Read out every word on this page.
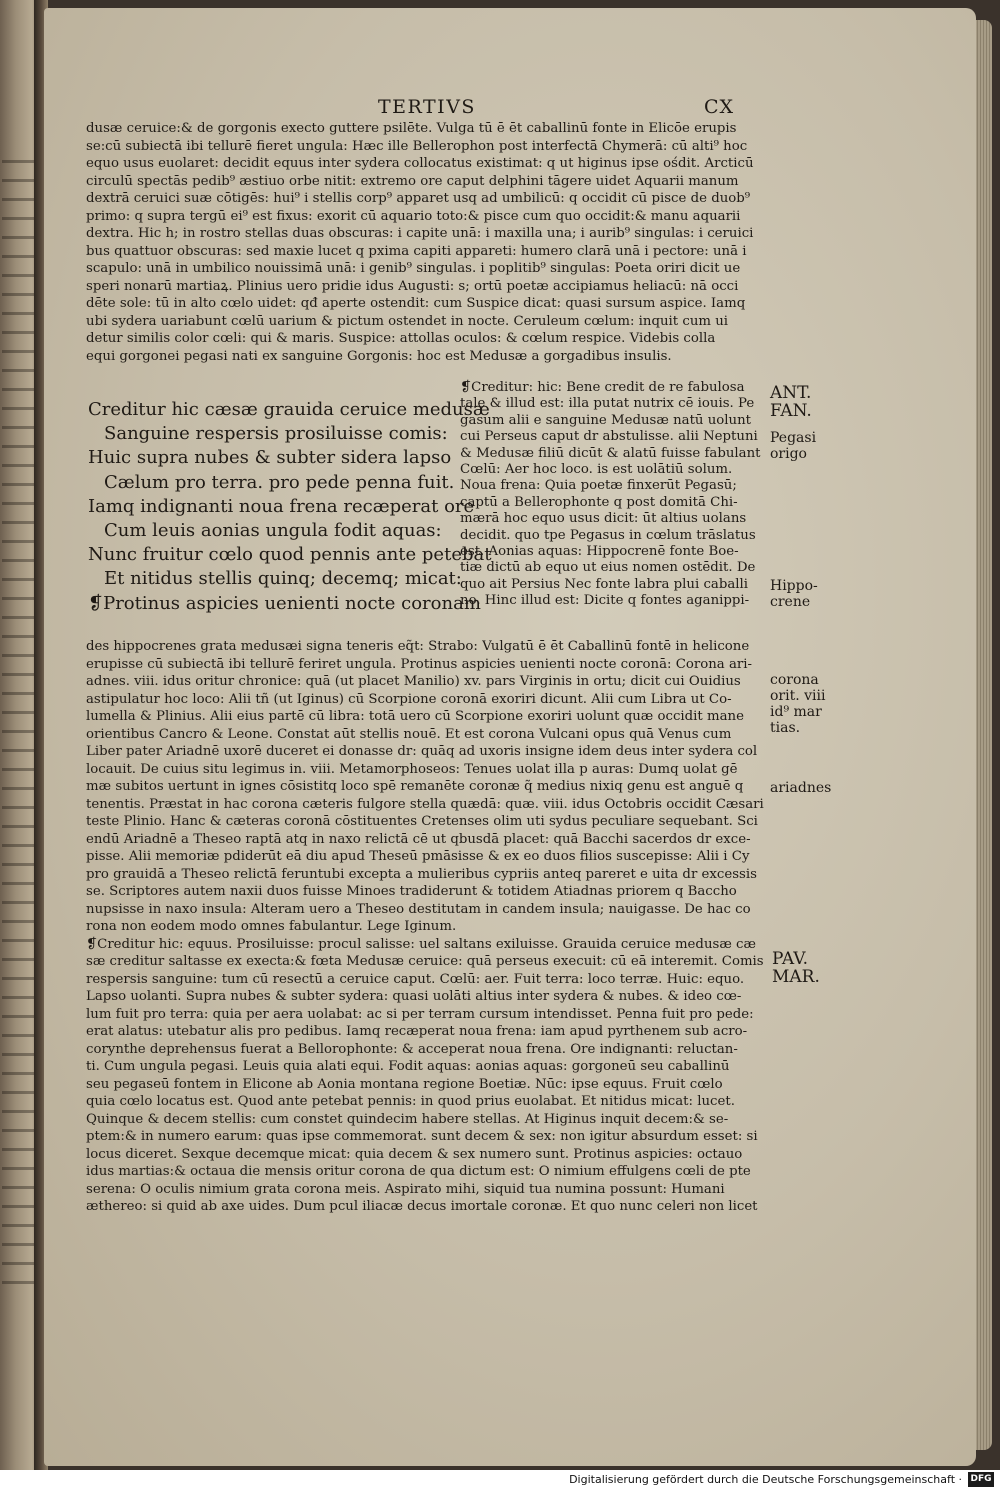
TERTIVS	CX
dusæ ceruice:& de gorgonis execto guttere psilēte. Vulga tū ē ēt caballinū fonte in Elicōe erupis
se:cū subiectā ibi tellurē fieret ungula: Hæc ille Bellerophon post interfectā Chymerā: cū alti⁹ hoc
equo usus euolaret: decidit equus inter sydera collocatus existimat: q ut higinus ipse ośdit. Arcticū
circulū spectās pedib⁹ æstiuo orbe nitit: extremo ore caput delphini tāgere uidet Aquarii manum
dextrā ceruici suæ cōtigēs: hui⁹ i stellis corp⁹ apparet usq ad umbilicū: q occidit cū pisce de duob⁹
primo: q supra tergū ei⁹ est fixus: exorit cū aquario toto:& pisce cum quo occidit:& manu aquarii
dextra. Hic h; in rostro stellas duas obscuras: i capite unā: i maxilla una; i aurib⁹ singulas: i ceruici
bus quattuor obscuras: sed maxie lucet q pxima capiti appareti: humero clarā unā i pectore: unā i
scapulo: unā in umbilico nouissimā unā: i genib⁹ singulas. i poplitib⁹ singulas: Poeta oriri dicit ue
speri nonarū martiaꝝ. Plinius uero pridie idus Augusti: s; ortū poetæ accipiamus heliacū: nā occi
dēte sole: tū in alto cœlo uidet: qđ aperte ostendit: cum Suspice dicat: quasi sursum aspice. Iamq
ubi sydera uariabunt cœlū uarium & pictum ostendet in nocte. Ceruleum cœlum: inquit cum ui
detur similis color cœli: qui & maris. Suspice: attollas oculos: & cœlum respice. Videbis colla
equi gorgonei pegasi nati ex sanguine Gorgonis: hoc est Medusæ a gorgadibus insulis.
Creditur hic cæsæ grauida ceruice medusæ
Sanguine respersis prosiluisse comis:
Huic supra nubes & subter sidera lapso
Cælum pro terra. pro pede penna fuit.
Iamq indignanti noua frena recæperat ore
Cum leuis aonias ungula fodit aquas:
Nunc fruitur cœlo quod pennis ante petebat
Et nitidus stellis quinq; decemq; micat:
❡Protinus aspicies uenienti nocte coronam
❡Creditur: hic: Bene credit de re fabulosa
tale & illud est: illa putat nutrix cē iouis. Pe
gasum alii e sanguine Medusæ natū uolunt
cui Perseus caput dr abstulisse. alii Neptuni
& Medusæ filiū dicūt & alatū fuisse fabulant
Cœlū: Aer hoc loco. is est uolātiū solum.
Noua frena: Quia poetæ finxerūt Pegasū;
captū a Bellerophonte q post domitā Chi-
mærā hoc equo usus dicit: ūt altius uolans
decidit. quo tpe Pegasus in cœlum trāslatus
est. Aonias aquas: Hippocrenē fonte Boe-
tiæ dictū ab equo ut eius nomen ostēdit. De
quo ait Persius Nec fonte labra plui caballi
no. Hinc illud est: Dicite q fontes aganippi-
des hippocrenes grata medusæi signa teneris eq̃t: Strabo: Vulgatū ē ēt Caballinū fontē in helicone
erupisse cū subiectā ibi tellurē feriret ungula. Protinus aspicies uenienti nocte coronā: Corona ari-
adnes. viii. idus oritur chronice: quā (ut placet Manilio) xv. pars Virginis in ortu; dicit cui Ouidius
astipulatur hoc loco: Alii tñ (ut Iginus) cū Scorpione coronā exoriri dicunt. Alii cum Libra ut Co-
lumella & Plinius. Alii eius partē cū libra: totā uero cū Scorpione exoriri uolunt quæ occidit mane
orientibus Cancro & Leone. Constat aūt stellis nouē. Et est corona Vulcani opus quā Venus cum
Liber pater Ariadnē uxorē duceret ei donasse dr: quāq ad uxoris insigne idem deus inter sydera col
locauit. De cuius situ legimus in. viii. Metamorphoseos: Tenues uolat illa p auras: Dumq uolat gē
mæ subitos uertunt in ignes cōsistitq loco spē remanēte coronæ q̃ medius nixiq genu est anguē q
tenentis. Præstat in hac corona cæteris fulgore stella quædā: quæ. viii. idus Octobris occidit Cæsari
teste Plinio. Hanc & cæteras coronā cōstituentes Cretenses olim uti sydus peculiare sequebant. Sci
endū Ariadnē a Theseo raptā atq in naxo relictā cē ut qbusdā placet: quā Bacchi sacerdos dr exce-
pisse. Alii memoriæ pdiderūt eā diu apud Theseū pmāsisse & ex eo duos filios suscepisse: Alii i Cy
pro grauidā a Theseo relictā feruntubi excepta a mulieribus cypriis anteq pareret e uita dr excessis
se. Scriptores autem naxii duos fuisse Minoes tradiderunt & totidem Atiadnas priorem q Baccho
nupsisse in naxo insula: Alteram uero a Theseo destitutam in candem insula; nauigasse. De hac co
rona non eodem modo omnes fabulantur. Lege Iginum.
❡Creditur hic: equus. Prosiluisse: procul salisse: uel saltans exiluisse. Grauida ceruice medusæ cæ
sæ creditur saltasse ex execta:& fœta Medusæ ceruice: quā perseus execuit: cū eā interemit. Comis
respersis sanguine: tum cū resectū a ceruice caput. Cœlū: aer. Fuit terra: loco terræ. Huic: equo.
Lapso uolanti. Supra nubes & subter sydera: quasi uolāti altius inter sydera & nubes. & ideo cœ-
lum fuit pro terra: quia per aera uolabat: ac si per terram cursum intendisset. Penna fuit pro pede:
erat alatus: utebatur alis pro pedibus. Iamq recæperat noua frena: iam apud pyrthenem sub acro-
corynthe deprehensus fuerat a Bellorophonte: & acceperat noua frena. Ore indignanti: reluctan-
ti. Cum ungula pegasi. Leuis quia alati equi. Fodit aquas: aonias aquas: gorgoneū seu caballinū
seu pegaseū fontem in Elicone ab Aonia montana regione Boetiæ. Nūc: ipse equus. Fruit cœlo
quia cœlo locatus est. Quod ante petebat pennis: in quod prius euolabat. Et nitidus micat: lucet.
Quinque & decem stellis: cum constet quindecim habere stellas. At Higinus inquit decem:& se-
ptem:& in numero earum: quas ipse commemorat. sunt decem & sex: non igitur absurdum esset: si
locus diceret. Sexque decemque micat: quia decem & sex numero sunt. Protinus aspicies: octauo
idus martias:& octaua die mensis oritur corona de qua dictum est: O nimium effulgens cœli de pte
serena: O oculis nimium grata corona meis. Aspirato mihi, siquid tua numina possunt: Humani
æthereo: si quid ab axe uides. Dum pcul iliacæ decus imortale coronæ. Et quo nunc celeri non licet
ANT.
FAN.
Pegasi
origo
Hippo-
crene
corona
orit. viii
id⁹ mar
tias.
ariadnes
PAV.
MAR.
Digitalisierung gefördert durch die Deutsche Forschungsgemeinschaft · DFG
